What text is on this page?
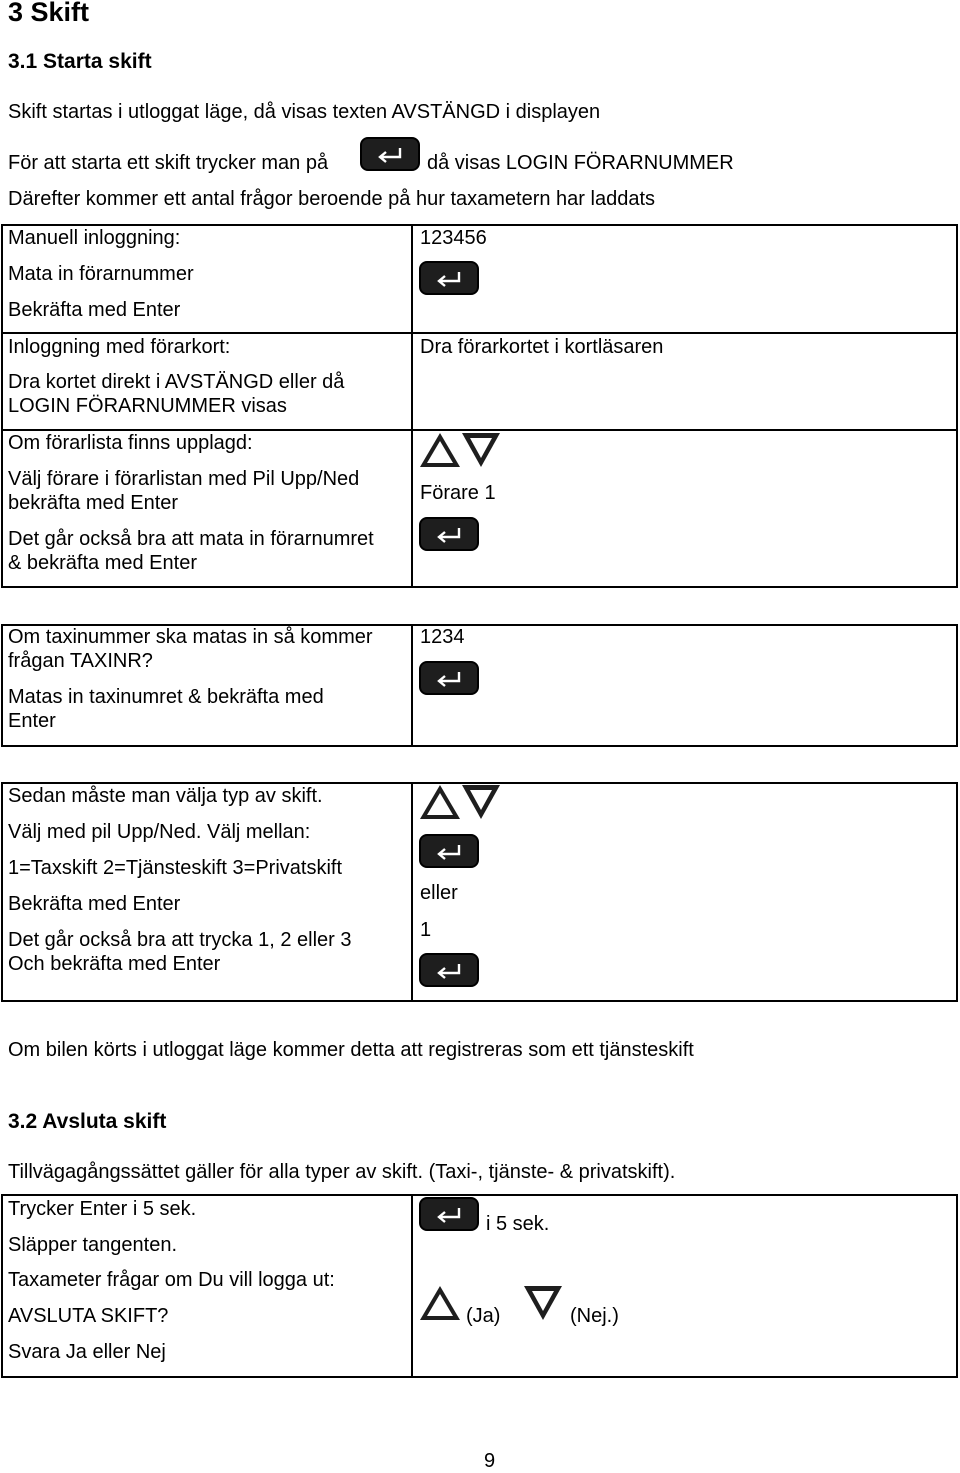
3 Skift
3.1 Starta skift
Skift startas i utloggat läge, då visas texten AVSTÄNGD i displayen
För att starta ett skift trycker man på	då visas LOGIN FÖRARNUMMER
Därefter kommer ett antal frågor beroende på hur taxametern har laddats
Manuell inloggning:
Mata in förarnummer
Bekräfta med Enter
123456
Inloggning med förarkort:
Dra kortet direkt i AVSTÄNGD eller då
LOGIN FÖRARNUMMER visas
Dra förarkortet i kortläsaren
Om förarlista finns upplagd:
Välj förare i förarlistan med Pil Upp/Ned
bekräfta med Enter
Det går också bra att mata in förarnumret
& bekräfta med Enter
Förare 1
Om taxinummer ska matas in så kommer
frågan TAXINR?
Matas in taxinumret & bekräfta med
Enter
1234
Sedan måste man välja typ av skift.
Välj med pil Upp/Ned. Välj mellan:
1=Taxskift 2=Tjänsteskift 3=Privatskift
Bekräfta med Enter
Det går också bra att trycka 1, 2 eller 3
Och bekräfta med Enter
eller
1
Om bilen körts i utloggat läge kommer detta att registreras som ett tjänsteskift
3.2 Avsluta skift
Tillvägagångssättet gäller för alla typer av skift. (Taxi-, tjänste- & privatskift).
Trycker Enter i 5 sek.
Släpper tangenten.
Taxameter frågar om Du vill logga ut:
AVSLUTA SKIFT?
Svara Ja eller Nej
i 5 sek.
(Ja)	(Nej.)
9
